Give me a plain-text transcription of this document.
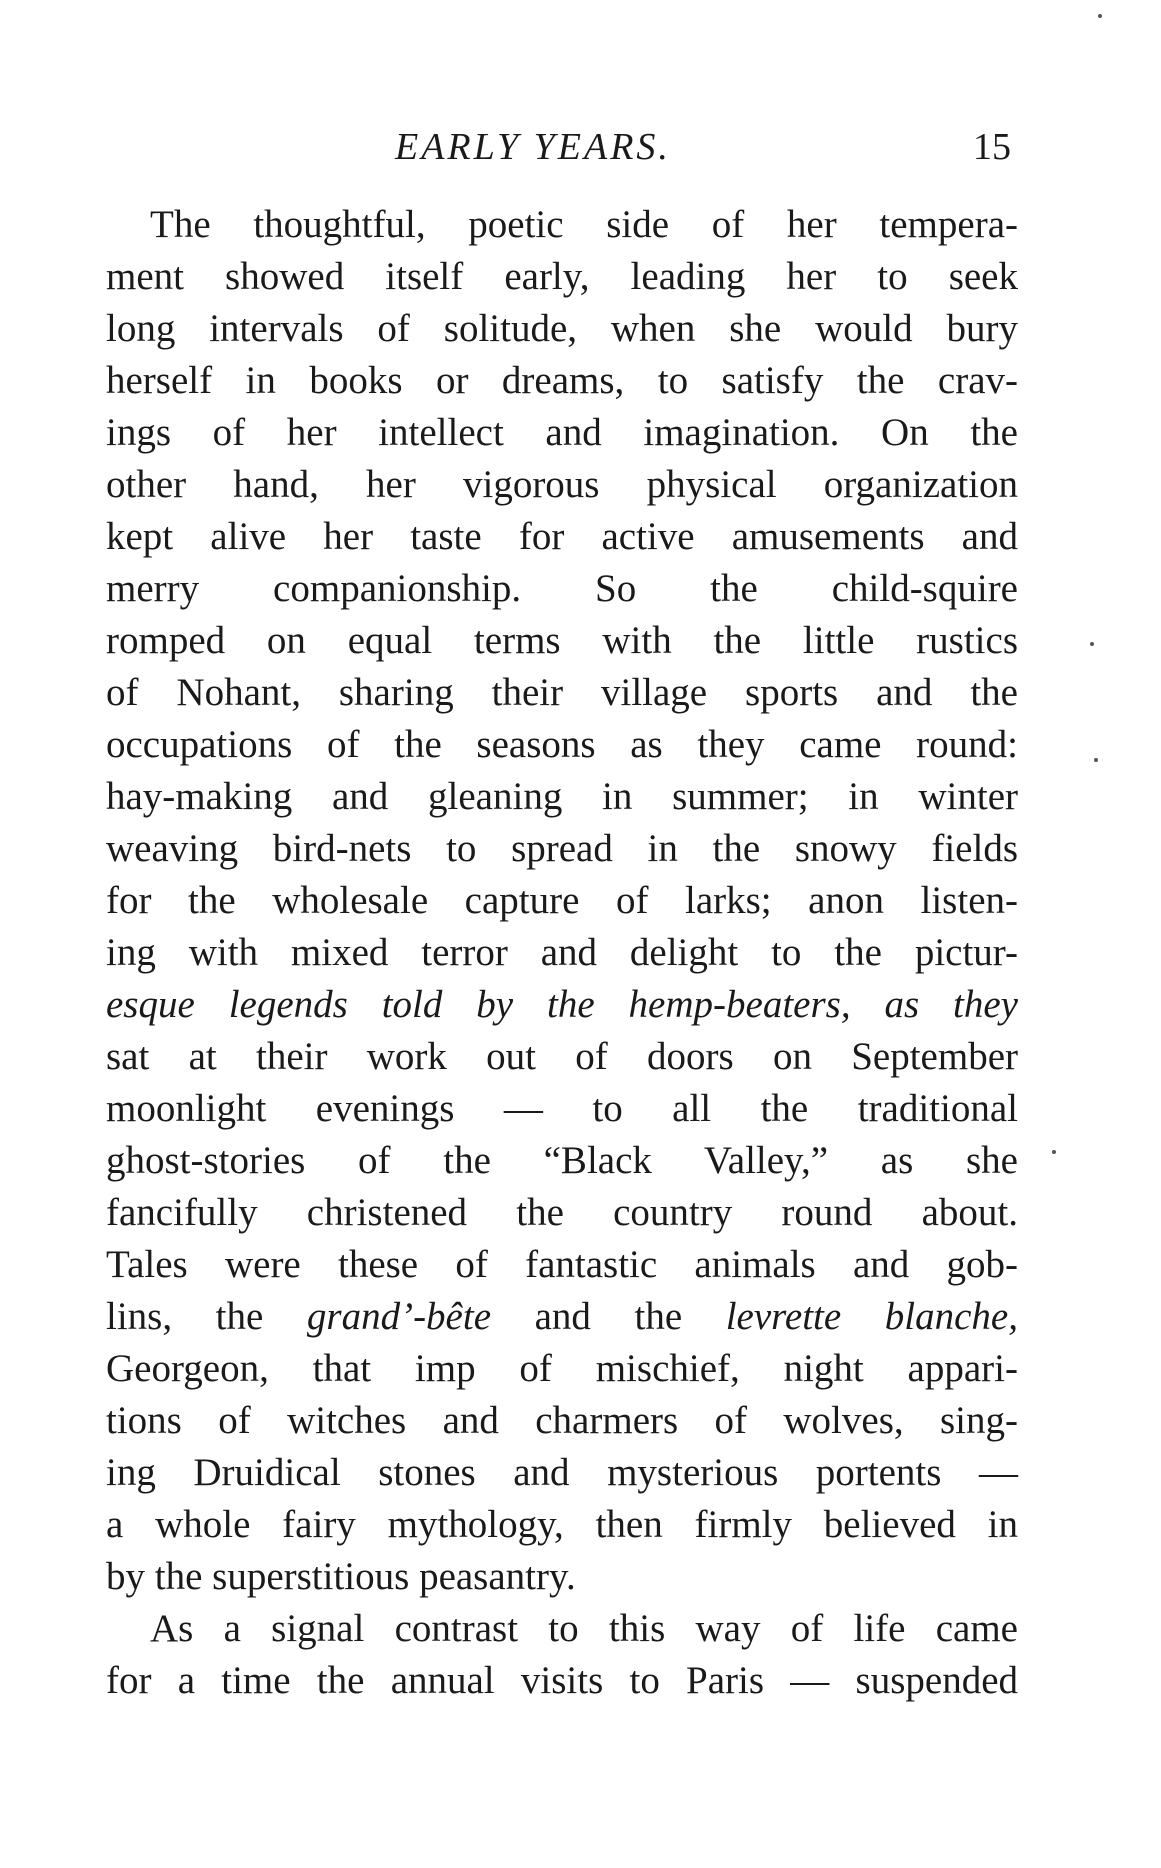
EARLY YEARS.	15
The thoughtful, poetic side of her tempera-
ment showed itself early, leading her to seek
long intervals of solitude, when she would bury
herself in books or dreams, to satisfy the crav-
ings of her intellect and imagination. On the
other hand, her vigorous physical organization
kept alive her taste for active amusements and
merry companionship. So the child-squire
romped on equal terms with the little rustics
of Nohant, sharing their village sports and the
occupations of the seasons as they came round:
hay-making and gleaning in summer; in winter
weaving bird-nets to spread in the snowy fields
for the wholesale capture of larks; anon listen-
ing with mixed terror and delight to the pictur-
esque legends told by the hemp-beaters, as they
sat at their work out of doors on September
moonlight evenings — to all the traditional
ghost-stories of the “Black Valley,” as she
fancifully christened the country round about.
Tales were these of fantastic animals and gob-
lins, the grand’-bête and the levrette blanche,
Georgeon, that imp of mischief, night appari-
tions of witches and charmers of wolves, sing-
ing Druidical stones and mysterious portents —
a whole fairy mythology, then firmly believed in
by the superstitious peasantry.
As a signal contrast to this way of life came
for a time the annual visits to Paris — suspended
